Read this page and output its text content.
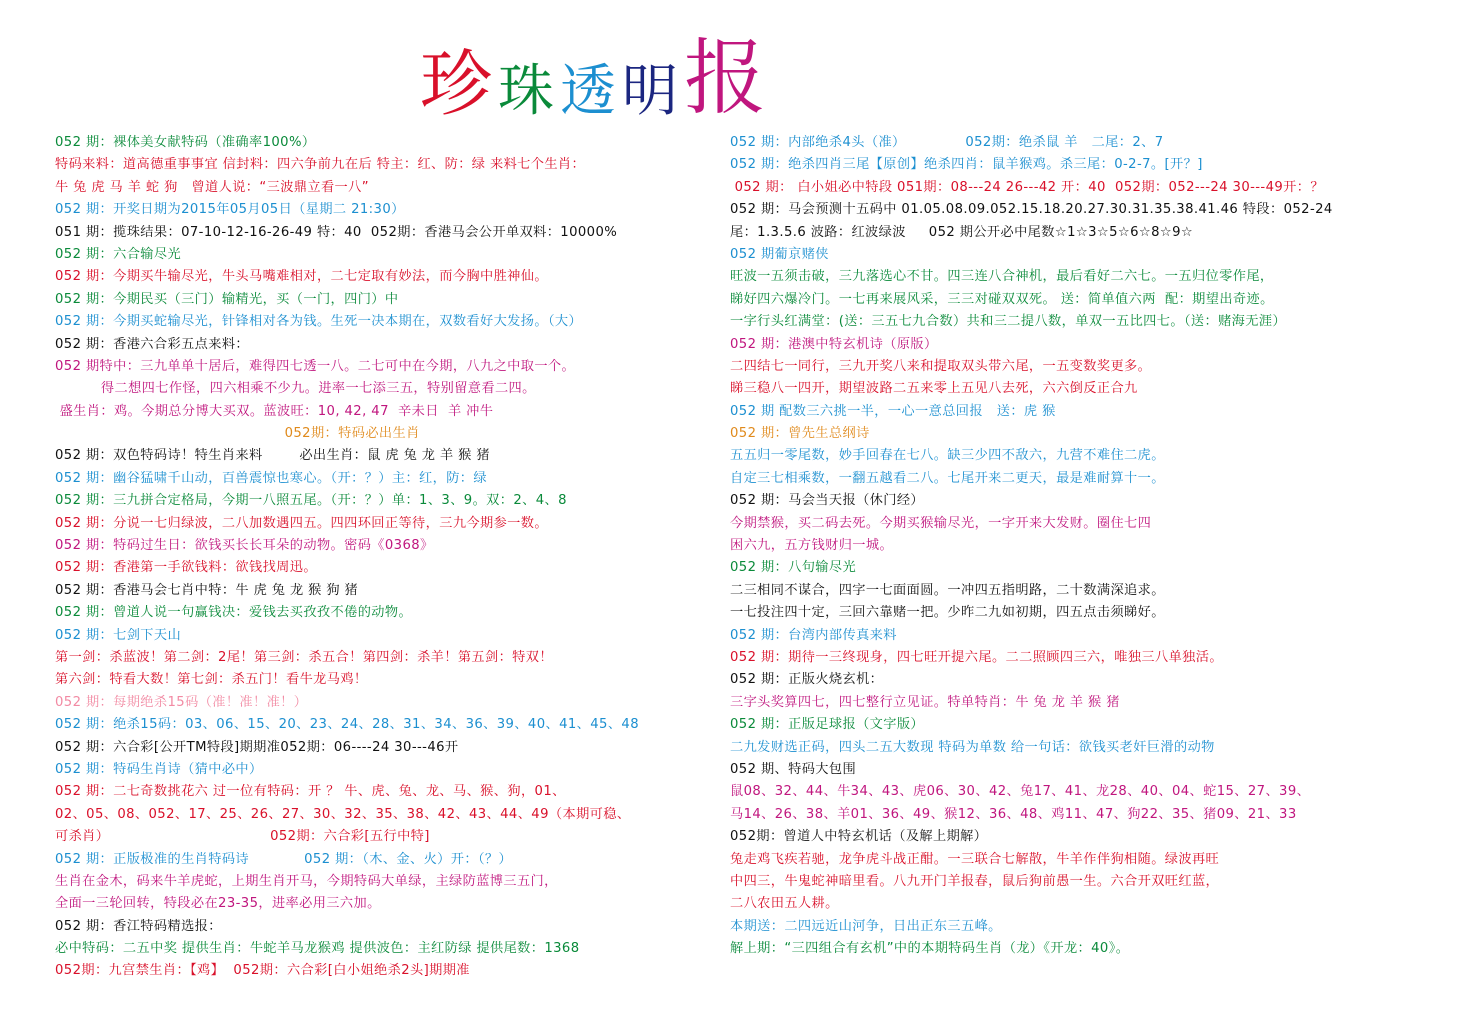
珍 珠 透 明 报
052 期：裸体美女献特码（准确率100%）
特码来料：道高德重事事宜 信封料：四六争前九在后 特主：红、防：绿 来料七个生肖：
牛 兔 虎 马 羊 蛇 狗   曾道人说：“三波鼎立看一八”
052 期：开奖日期为2015年05月05日（星期二 21:30）
051 期：揽珠结果：07-10-12-16-26-49 特：40  052期：香港马会公开单双料：10000%
052 期：六合输尽光
052 期：今期买牛输尽光，牛头马嘴难相对，二七定取有妙法，而今胸中胜神仙。
052 期：今期民买（三门）输精光，买（一门，四门）中
052 期：今期买蛇输尽光，针锋相对各为钱。生死一决本期在，双数看好大发扬。（大）
052 期：香港六合彩五点来料：
052 期特中：三九单单十居后，难得四七透一八。二七可中在今期，八九之中取一个。
得二想四七作怪，四六相乘不少九。进率一七添三五，特别留意看二四。
盛生肖：鸡。今期总分博大买双。蓝波旺：10, 42, 47  辛未日  羊 冲牛
052期：特码必出生肖
052 期：双色特码诗！特生肖来料        必出生肖：鼠 虎 兔 龙 羊 猴 猪
052 期：幽谷猛啸千山动，百兽震惊也寒心。（开：？）主：红，防：绿
052 期：三九拼合定格局，今期一八照五尾。（开：？）单：1、3、9。双：2、4、8
052 期：分说一七归绿波，二八加数遇四五。四四环回正等待，三九今期参一数。
052 期：特码过生日：欲钱买长长耳朵的动物。密码《0368》
052 期：香港第一手欲钱料：欲钱找周迅。
052 期：香港马会七肖中特：牛 虎 兔 龙 猴 狗 猪
052 期：曾道人说一句赢钱决：爱钱去买孜孜不倦的动物。
052 期：七剑下天山
第一剑：杀蓝波！第二剑：2尾！第三剑：杀五合！第四剑：杀羊！第五剑：特双！
第六剑：特看大数！第七剑：杀五门！看牛龙马鸡！
052 期：每期绝杀15码（准！准！准！）
052 期：绝杀15码：03、06、15、20、23、24、28、31、34、36、39、40、41、45、48
052 期：六合彩[公开TM特段]期期准052期：06----24 30---46开
052 期：特码生肖诗（猜中必中）
052 期：二七奇数挑花六 过一位有特码：开 ？ 牛、虎、兔、龙、马、猴、狗，01、
02、05、08、052、17、25、26、27、30、32、35、38、42、43、44、49（本期可稳、
可杀肖）                                   052期：六合彩[五行中特]
052 期：正版极准的生肖特码诗            052 期：（木、金、火）开：（？）
生肖在金木，码来牛羊虎蛇，上期生肖开马，今期特码大单绿，主绿防蓝博三五门，
全面一三轮回转，特段必在23-35，进率必用三六加。
052 期：香江特码精选报：
必中特码：二五中奖 提供生肖：牛蛇羊马龙猴鸡 提供波色：主红防绿 提供尾数：1368
052期：九宫禁生肖：【鸡】  052期：六合彩[白小姐绝杀2头]期期准
052 期：内部绝杀4头（准）             052期：绝杀鼠 羊   二尾：2、7
052 期：绝杀四肖三尾【原创】绝杀四肖：鼠羊猴鸡。杀三尾：0-2-7。[开？]
052 期： 白小姐必中特段 051期：08---24 26---42 开：40  052期：052---24 30---49开：？
052 期：马会预测十五码中 01.05.08.09.052.15.18.20.27.30.31.35.38.41.46 特段：052-24
尾：1.3.5.6 波路：红波绿波     052 期公开必中尾数☆1☆3☆5☆6☆8☆9☆
052 期葡京赌侠
旺波一五须击破，三九落选心不甘。四三连八合神机，最后看好二六七。一五归位零作尾，
睇好四六爆冷门。一七再来展风采，三三对碰双双死。 送：简单值六两  配：期望出奇迹。
一字行头红满堂：(送：三五七九合数）共和三二提八数，单双一五比四七。（送：赌海无涯）
052 期：港澳中特玄机诗（原版）
二四结七一同行，三九开奖八来和提取双头带六尾，一五变数奖更多。
睇三稳八一四开，期望波路二五来零上五见八去死，六六倒反正合九
052 期 配数三六挑一半，一心一意总回报   送：虎 猴
052 期：曾先生总纲诗
五五归一零尾数，妙手回春在七八。缺三少四不敌六，九营不难住二虎。
自定三七相乘数，一翻五越看二八。七尾开来二更天，最是难耐算十一。
052 期：马会当天报（休门经）
今期禁猴，买二码去死。今期买猴输尽光，一字开来大发财。圈住七四
困六九，五方钱财归一城。
052 期：八句输尽光
二三相同不谋合，四字一七面面圆。一冲四五指明路，二十数满深追求。
一七投注四十定，三回六靠赌一把。少昨二九如初期，四五点击须睇好。
052 期：台湾内部传真来料
052 期：期待一三终现身，四七旺开提六尾。二二照顾四三六，唯独三八单独活。
052 期：正版火烧玄机：
三字头奖算四七，四七整行立见证。特单特肖：牛 兔 龙 羊 猴 猪
052 期：正版足球报（文字版）
二九发财选正码，四头二五大数现 特码为单数 给一句话：欲钱买老奸巨滑的动物
052 期、特码大包围
鼠08、32、44、牛34、43、虎06、30、42、兔17、41、龙28、40、04、蛇15、27、39、
马14、26、38、羊01、36、49、猴12、36、48、鸡11、47、狗22、35、猪09、21、33
052期：曾道人中特玄机话（及解上期解）
兔走鸡飞疾若驰，龙争虎斗战正酣。一三联合七解散，牛羊作伴狗相随。绿波再旺
中四三，牛鬼蛇神暗里看。八九开门羊报春，鼠后狗前愚一生。六合开双旺红蓝，
二八农田五人耕。
本期送：二四远近山河争，日出正东三五峰。
解上期：“三四组合有玄机”中的本期特码生肖（龙）《开龙：40》。
